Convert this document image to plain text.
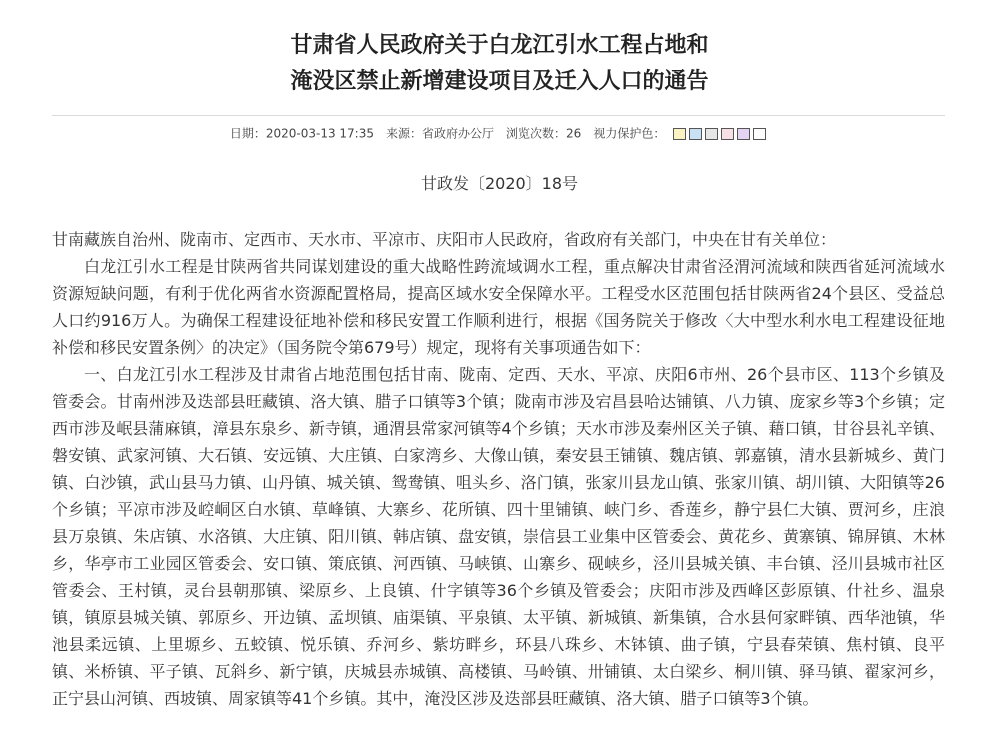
甘肃省人民政府关于白龙江引水工程占地和
淹没区禁止新增建设项目及迁入人口的通告
日期：2020-03-13 17:35 来源：省政府办公厅 浏览次数：26 视力保护色：
甘政发〔2020〕18号

甘南藏族自治州、陇南市、定西市、天水市、平凉市、庆阳市人民政府，省政府有关部门，中央在甘有关单位：

白龙江引水工程是甘陕两省共同谋划建设的重大战略性跨流域调水工程，重点解决甘肃省泾渭河流域和陕西省延河流域水资源短缺问题，有利于优化两省水资源配置格局，提高区域水安全保障水平。工程受水区范围包括甘陕两省24个县区、受益总人口约916万人。为确保工程建设征地补偿和移民安置工作顺利进行，根据《国务院关于修改〈大中型水利水电工程建设征地补偿和移民安置条例〉的决定》（国务院令第679号）规定，现将有关事项通告如下：

一、白龙江引水工程涉及甘肃省占地范围包括甘南、陇南、定西、天水、平凉、庆阳6市州、26个县市区、113个乡镇及管委会。甘南州涉及迭部县旺藏镇、洛大镇、腊子口镇等3个镇；陇南市涉及宕昌县哈达铺镇、八力镇、庞家乡等3个乡镇；定西市涉及岷县蒲麻镇，漳县东泉乡、新寺镇，通渭县常家河镇等4个乡镇；天水市涉及秦州区关子镇、藉口镇，甘谷县礼辛镇、磐安镇、武家河镇、大石镇、安远镇、大庄镇、白家湾乡、大像山镇，秦安县王铺镇、魏店镇、郭嘉镇，清水县新城乡、黄门镇、白沙镇，武山县马力镇、山丹镇、城关镇、鸳鸯镇、咀头乡、洛门镇，张家川县龙山镇、张家川镇、胡川镇、大阳镇等26个乡镇；平凉市涉及崆峒区白水镇、草峰镇、大寨乡、花所镇、四十里铺镇、峡门乡、香莲乡，静宁县仁大镇、贾河乡，庄浪县万泉镇、朱店镇、水洛镇、大庄镇、阳川镇、韩店镇、盘安镇，崇信县工业集中区管委会、黄花乡、黄寨镇、锦屏镇、木林乡，华亭市工业园区管委会、安口镇、策底镇、河西镇、马峡镇、山寨乡、砚峡乡，泾川县城关镇、丰台镇、泾川县城市社区管委会、王村镇，灵台县朝那镇、梁原乡、上良镇、什字镇等36个乡镇及管委会；庆阳市涉及西峰区彭原镇、什社乡、温泉镇，镇原县城关镇、郭原乡、开边镇、孟坝镇、庙渠镇、平泉镇、太平镇、新城镇、新集镇，合水县何家畔镇、西华池镇，华池县柔远镇、上里塬乡、五蛟镇、悦乐镇、乔河乡、紫坊畔乡，环县八珠乡、木钵镇、曲子镇，宁县春荣镇、焦村镇、良平镇、米桥镇、平子镇、瓦斜乡、新宁镇，庆城县赤城镇、高楼镇、马岭镇、卅铺镇、太白梁乡、桐川镇、驿马镇、翟家河乡，正宁县山河镇、西坡镇、周家镇等41个乡镇。其中，淹没区涉及迭部县旺藏镇、洛大镇、腊子口镇等3个镇。
